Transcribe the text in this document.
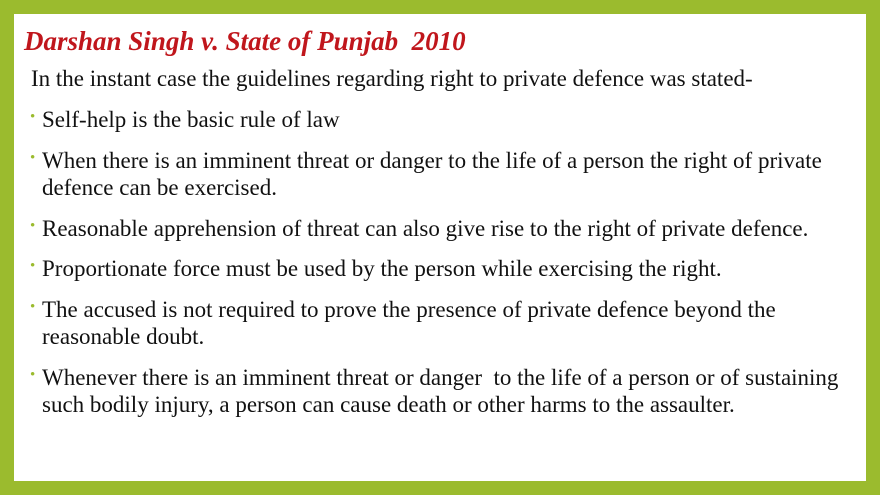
Darshan Singh v. State of Punjab  2010

In the instant case the guidelines regarding right to private defence was stated-

• Self-help is the basic rule of law
• When there is an imminent threat or danger to the life of a person the right of private defence can be exercised.
• Reasonable apprehension of threat can also give rise to the right of private defence.
• Proportionate force must be used by the person while exercising the right.
• The accused is not required to prove the presence of private defence beyond the reasonable doubt.
• Whenever there is an imminent threat or danger  to the life of a person or of sustaining such bodily injury, a person can cause death or other harms to the assaulter.
